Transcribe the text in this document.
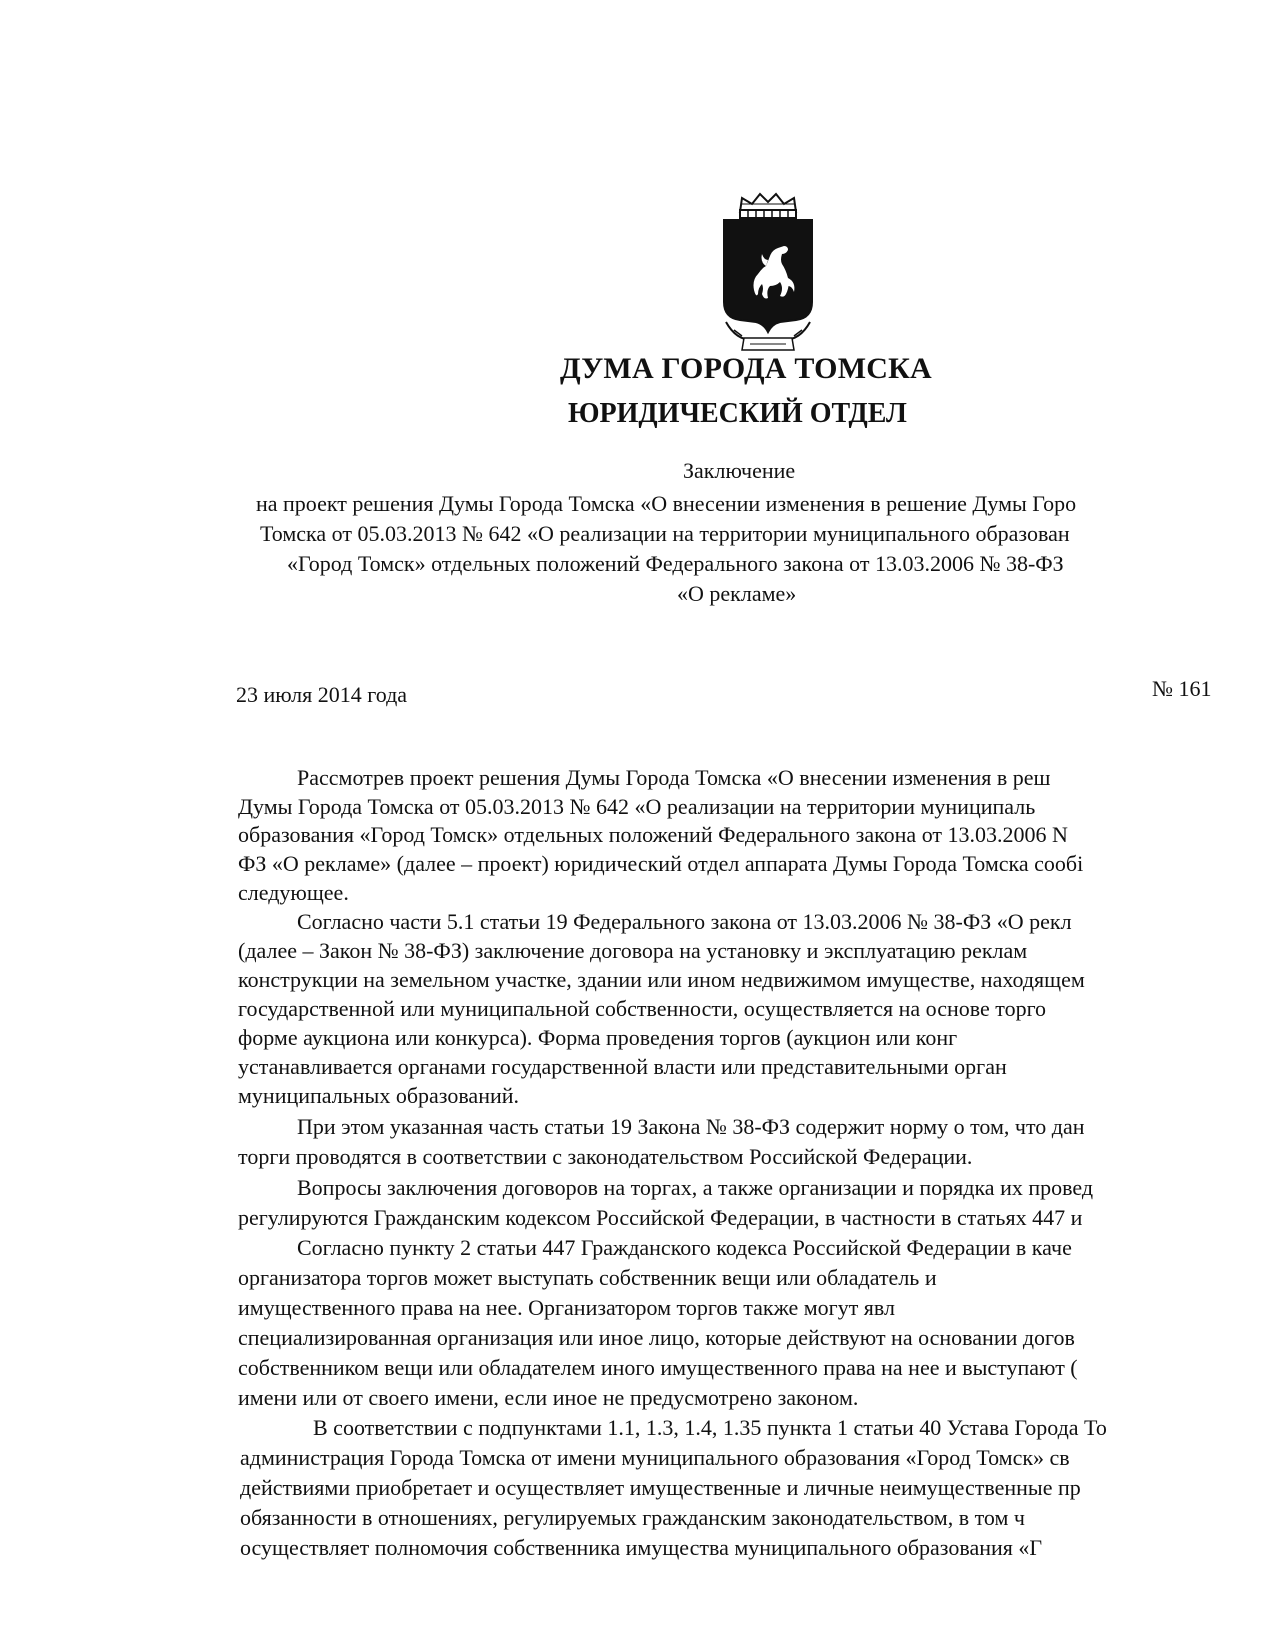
ДУМА ГОРОДА ТОМСКА
ЮРИДИЧЕСКИЙ ОТДЕЛ
Заключение
на проект решения Думы Города Томска «О внесении изменения в решение Думы Горо
Томска от 05.03.2013 № 642 «О реализации на территории муниципального образован
«Город Томск» отдельных положений Федерального закона от 13.03.2006 № 38-ФЗ
«О рекламе»
23 июля 2014 года	№ 161
Рассмотрев проект решения Думы Города Томска «О внесении изменения в реш
Думы Города Томска от 05.03.2013 № 642 «О реализации на территории муниципаль
образования «Город Томск» отдельных положений Федерального закона от 13.03.2006 N
ФЗ «О рекламе» (далее – проект) юридический отдел аппарата Думы Города Томска сообі
следующее.
Согласно части 5.1 статьи 19 Федерального закона от 13.03.2006 № 38-ФЗ «О рекл
(далее – Закон № 38-ФЗ) заключение договора на установку и эксплуатацию реклам
конструкции на земельном участке, здании или ином недвижимом имуществе, находящем
государственной или муниципальной собственности, осуществляется на основе торго
форме аукциона или конкурса). Форма проведения торгов (аукцион или конг
устанавливается органами государственной власти или представительными орган
муниципальных образований.
При этом указанная часть статьи 19 Закона № 38-ФЗ содержит норму о том, что дан
торги проводятся в соответствии с законодательством Российской Федерации.
Вопросы заключения договоров на торгах, а также организации и порядка их провед
регулируются Гражданским кодексом Российской Федерации, в частности в статьях 447 и
Согласно пункту 2 статьи 447 Гражданского кодекса Российской Федерации в каче
организатора торгов может выступать собственник вещи или обладатель и
имущественного права на нее. Организатором торгов также могут явл
специализированная организация или иное лицо, которые действуют на основании догов
собственником вещи или обладателем иного имущественного права на нее и выступают (
имени или от своего имени, если иное не предусмотрено законом.
В соответствии с подпунктами 1.1, 1.3, 1.4, 1.35 пункта 1 статьи 40 Устава Города То
администрация Города Томска от имени муниципального образования «Город Томск» св
действиями приобретает и осуществляет имущественные и личные неимущественные пр
обязанности в отношениях, регулируемых гражданским законодательством, в том ч
осуществляет полномочия собственника имущества муниципального образования «Г
